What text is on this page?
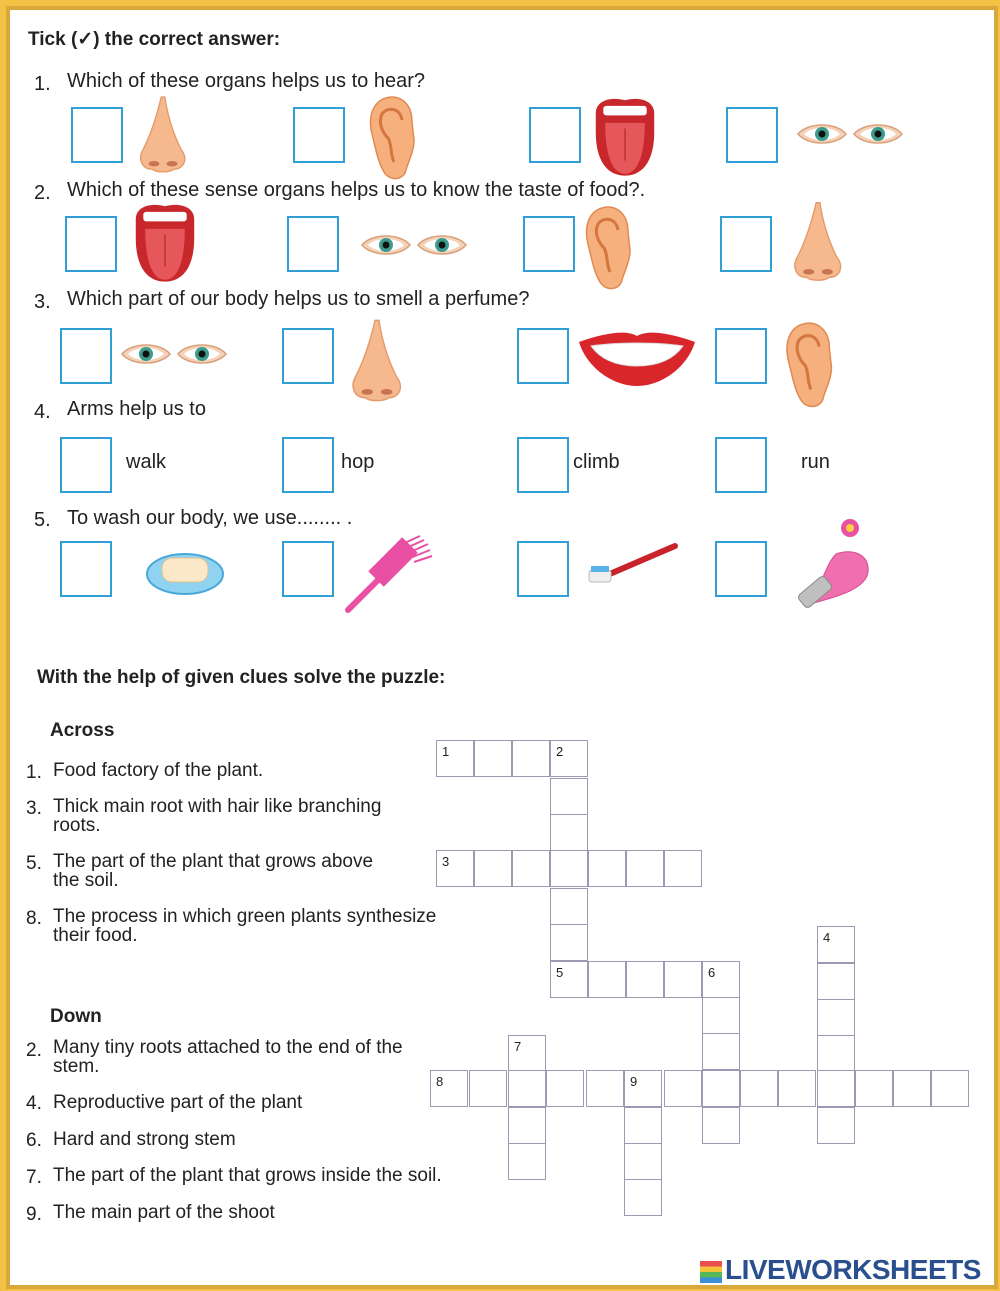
Tick (✓) the correct answer:
1. Which of these organs helps us to hear?
2. Which of these sense organs helps us to know the taste of food?.
3. Which part of our body helps us to smell a perfume?
4. Arms help us to
walk	hop	climb	run
5. To wash our body, we use........ .
With the help of given clues solve the puzzle:
Across
1. Food factory of the plant.
3. Thick main root with hair like branching
roots.
5. The part of the plant that grows above
the soil.
8. The process in which green plants synthesize
their food.
Down
2. Many tiny roots attached to the end of the
stem.
4. Reproductive part of the plant
6. Hard and strong stem
7. The part of the plant that grows inside the soil.
9. The main part of the shoot
1	2
5
3
6
4
7
8	9
LIVEWORKSHEETS
